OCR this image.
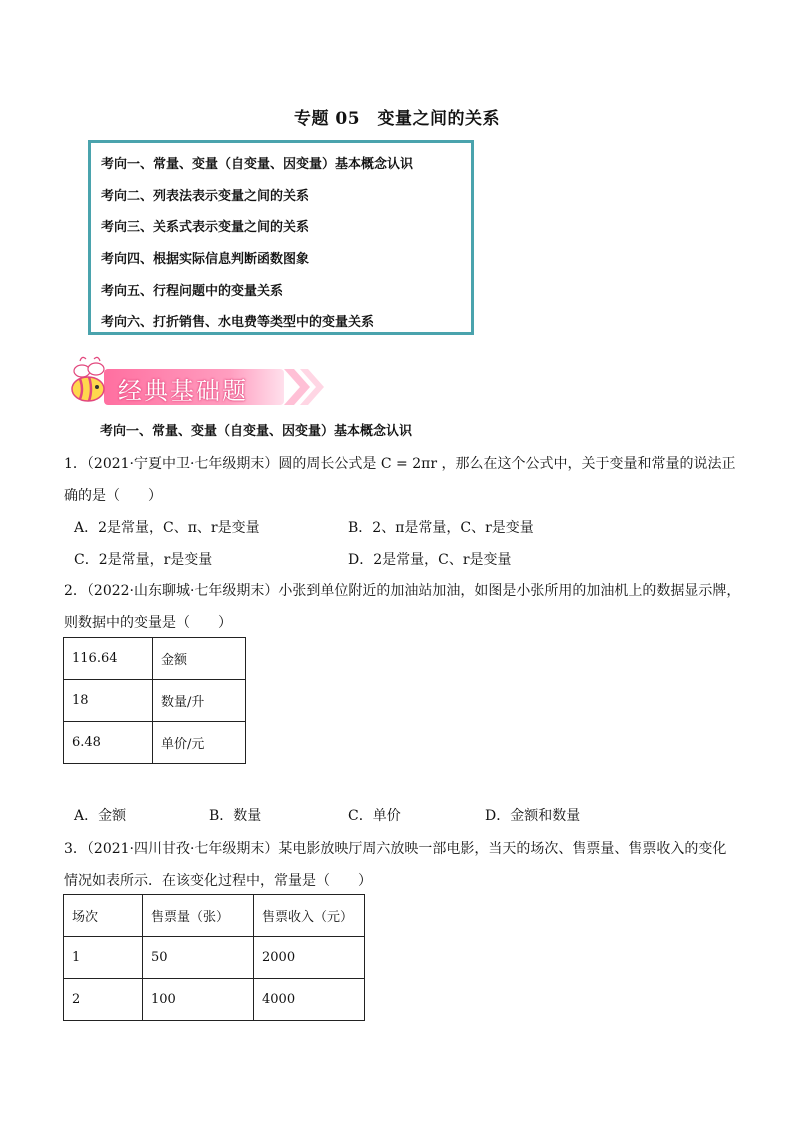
专题 05　变量之间的关系
考向一、常量、变量（自变量、因变量）基本概念认识
考向二、列表法表示变量之间的关系
考向三、关系式表示变量之间的关系
考向四、根据实际信息判断函数图象
考向五、行程问题中的变量关系
考向六、打折销售、水电费等类型中的变量关系
经典基础题
考向一、常量、变量（自变量、因变量）基本概念认识
1．（2021·宁夏中卫·七年级期末）圆的周长公式是 C = 2πr ，那么在这个公式中，关于变量和常量的说法正
确的是（　　）
A．2是常量，C、π、r是变量	B．2、π是常量，C、r是变量
C．2是常量，r是变量	D．2是常量，C、r是变量
2．（2022·山东聊城·七年级期末）小张到单位附近的加油站加油，如图是小张所用的加油机上的数据显示牌，
则数据中的变量是（　　）
116.64	金额
18	数量/升
6.48	单价/元
A．金额	B．数量	C．单价	D．金额和数量
3．（2021·四川甘孜·七年级期末）某电影放映厅周六放映一部电影，当天的场次、售票量、售票收入的变化
情况如表所示．在该变化过程中，常量是（　　）
场次	售票量（张）	售票收入（元）
1	50	2000
2	100	4000
